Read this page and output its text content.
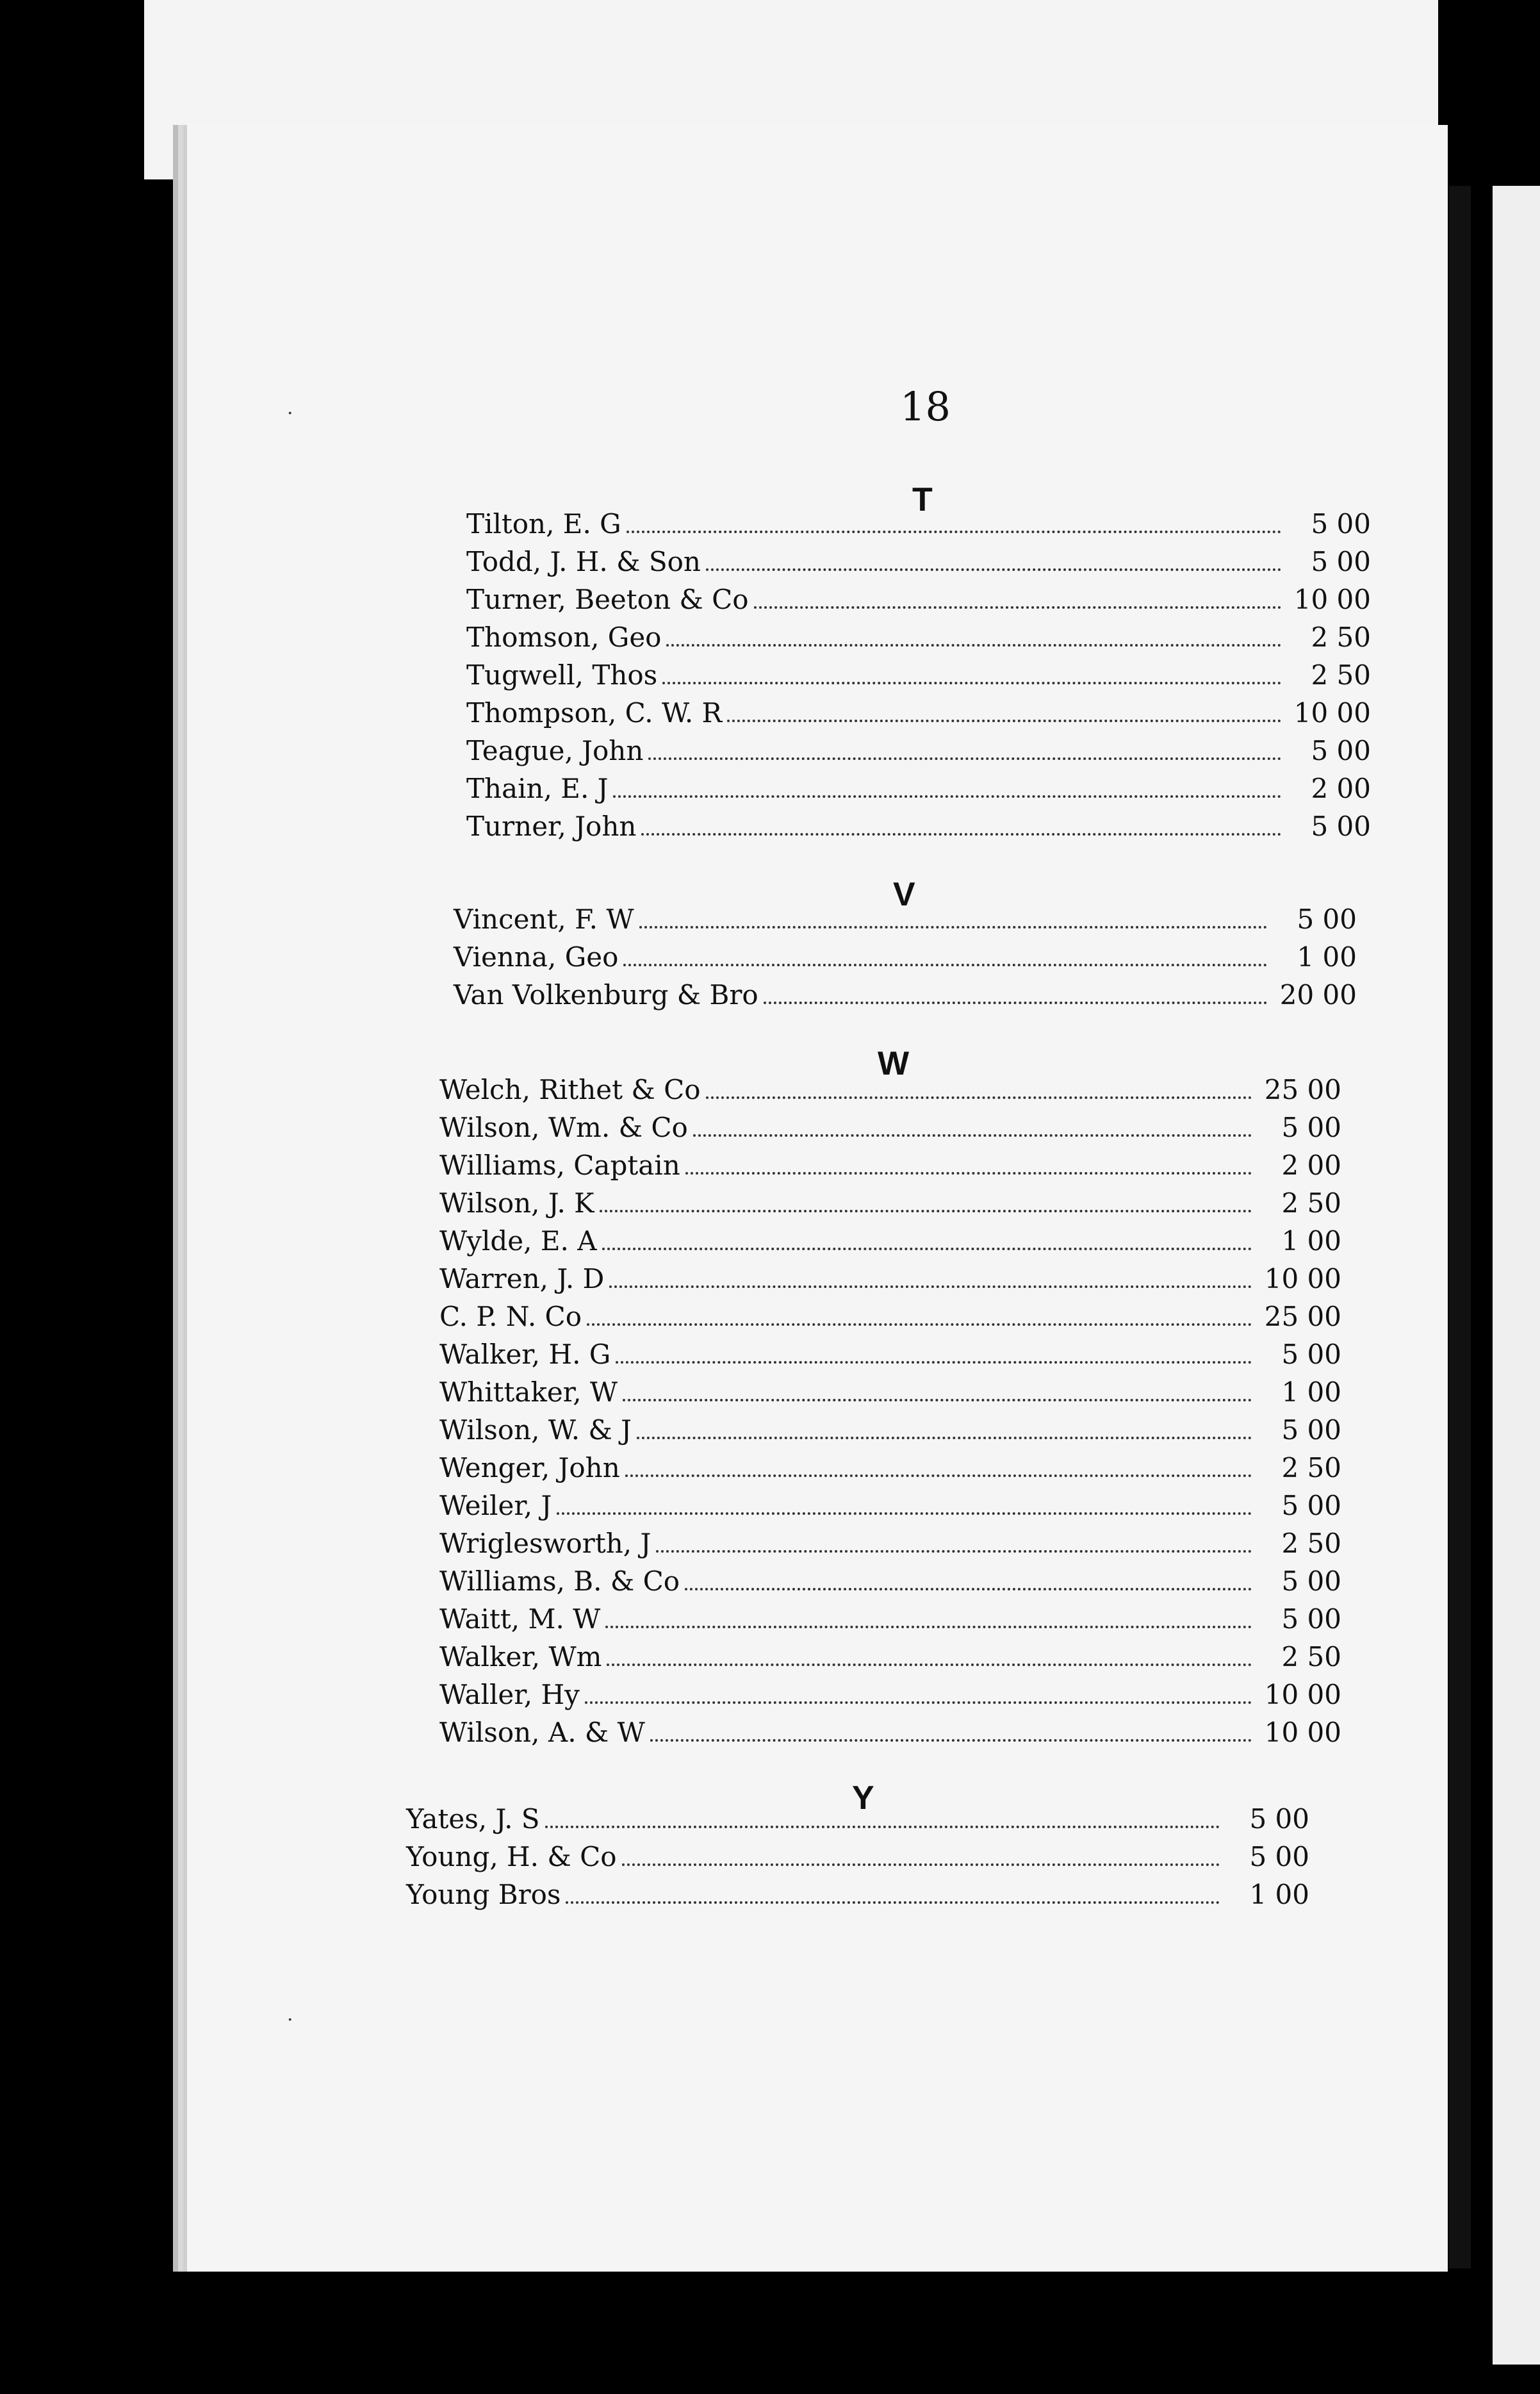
18
T
Tilton, E. G	5 00
Todd, J. H. & Son	5 00
Turner, Beeton & Co	10 00
Thomson, Geo	2 50
Tugwell, Thos	2 50
Thompson, C. W. R	10 00
Teague, John	5 00
Thain, E. J	2 00
Turner, John	5 00
V
Vincent, F. W	5 00
Vienna, Geo	1 00
Van Volkenburg & Bro	20 00
W
Welch, Rithet & Co	25 00
Wilson, Wm. & Co	5 00
Williams, Captain	2 00
Wilson, J. K	2 50
Wylde, E. A	1 00
Warren, J. D	10 00
C. P. N. Co	25 00
Walker, H. G	5 00
Whittaker, W	1 00
Wilson, W. & J	5 00
Wenger, John	2 50
Weiler, J	5 00
Wriglesworth, J	2 50
Williams, B. & Co	5 00
Waitt, M. W	5 00
Walker, Wm	2 50
Waller, Hy	10 00
Wilson, A. & W	10 00
Y
Yates, J. S	5 00
Young, H. & Co	5 00
Young Bros	1 00
·
·
